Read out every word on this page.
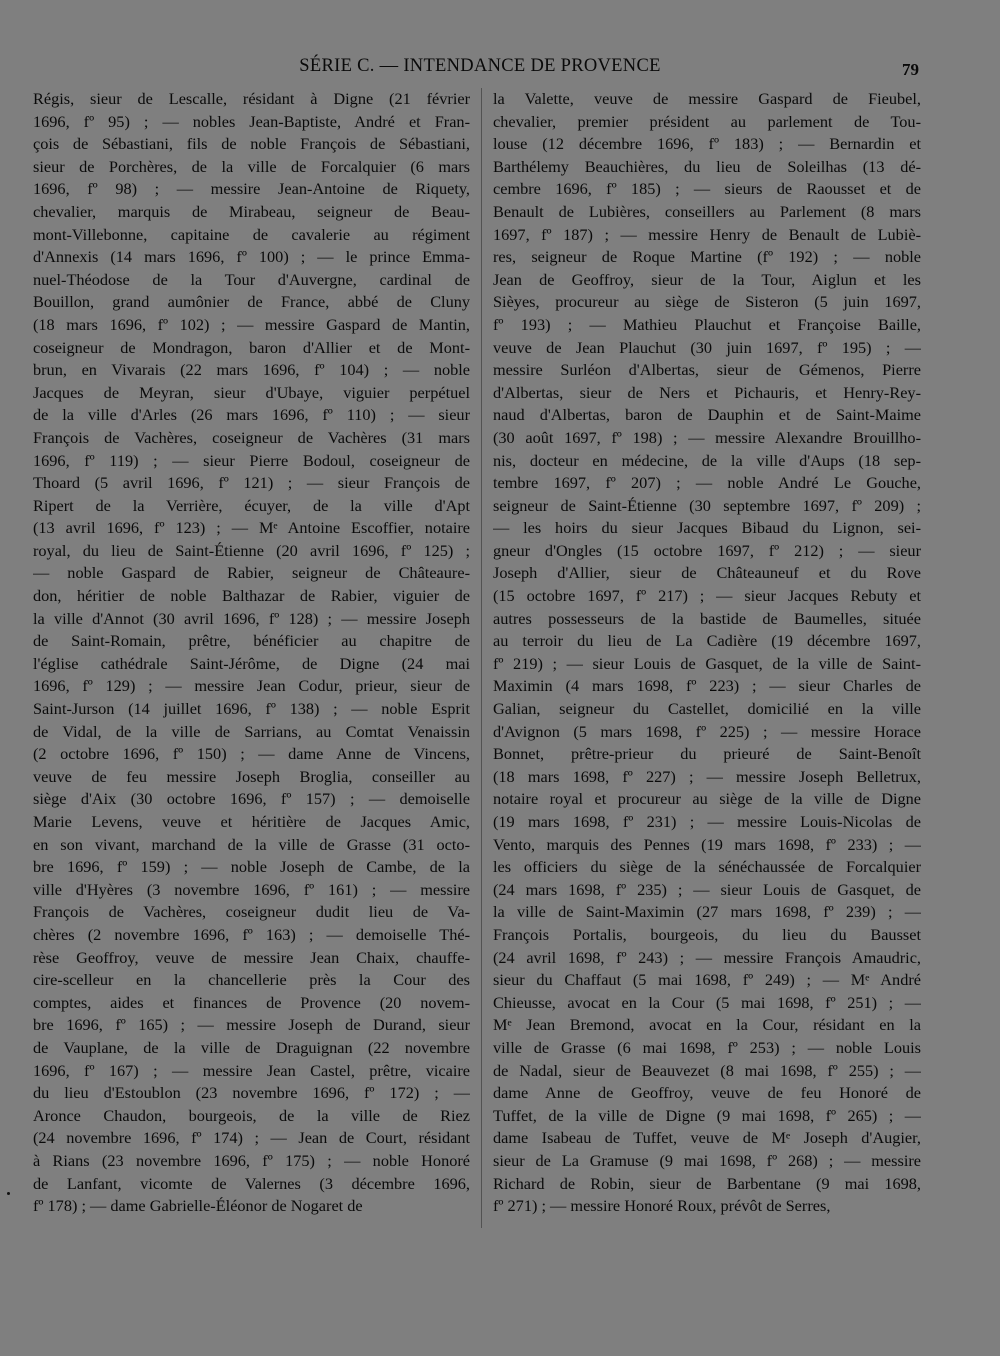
SÉRIE C. — INTENDANCE DE PROVENCE	79
Régis, sieur de Lescalle, résidant à Digne (21 février
1696, fº 95) ; — nobles Jean-Baptiste, André et Fran-
çois de Sébastiani, fils de noble François de Sébastiani,
sieur de Porchères, de la ville de Forcalquier (6 mars
1696, fº 98) ; — messire Jean-Antoine de Riquety,
chevalier, marquis de Mirabeau, seigneur de Beau-
mont-Villebonne, capitaine de cavalerie au régiment
d'Annexis (14 mars 1696, fº 100) ; — le prince Emma-
nuel-Théodose de la Tour d'Auvergne, cardinal de
Bouillon, grand aumônier de France, abbé de Cluny
(18 mars 1696, fº 102) ; — messire Gaspard de Mantin,
coseigneur de Mondragon, baron d'Allier et de Mont-
brun, en Vivarais (22 mars 1696, fº 104) ; — noble
Jacques de Meyran, sieur d'Ubaye, viguier perpétuel
de la ville d'Arles (26 mars 1696, fº 110) ; — sieur
François de Vachères, coseigneur de Vachères (31 mars
1696, fº 119) ; — sieur Pierre Bodoul, coseigneur de
Thoard (5 avril 1696, fº 121) ; — sieur François de
Ripert de la Verrière, écuyer, de la ville d'Apt
(13 avril 1696, fº 123) ; — Mᵉ Antoine Escoffier, notaire
royal, du lieu de Saint-Étienne (20 avril 1696, fº 125) ;
— noble Gaspard de Rabier, seigneur de Châteaure-
don, héritier de noble Balthazar de Rabier, viguier de
la ville d'Annot (30 avril 1696, fº 128) ; — messire Joseph
de Saint-Romain, prêtre, bénéficier au chapitre de
l'église cathédrale Saint-Jérôme, de Digne (24 mai
1696, fº 129) ; — messire Jean Codur, prieur, sieur de
Saint-Jurson (14 juillet 1696, fº 138) ; — noble Esprit
de Vidal, de la ville de Sarrians, au Comtat Venaissin
(2 octobre 1696, fº 150) ; — dame Anne de Vincens,
veuve de feu messire Joseph Broglia, conseiller au
siège d'Aix (30 octobre 1696, fº 157) ; — demoiselle
Marie Levens, veuve et héritière de Jacques Amic,
en son vivant, marchand de la ville de Grasse (31 octo-
bre 1696, fº 159) ; — noble Joseph de Cambe, de la
ville d'Hyères (3 novembre 1696, fº 161) ; — messire
François de Vachères, coseigneur dudit lieu de Va-
chères (2 novembre 1696, fº 163) ; — demoiselle Thé-
rèse Geoffroy, veuve de messire Jean Chaix, chauffe-
cire-scelleur en la chancellerie près la Cour des
comptes, aides et finances de Provence (20 novem-
bre 1696, fº 165) ; — messire Joseph de Durand, sieur
de Vauplane, de la ville de Draguignan (22 novembre
1696, fº 167) ; — messire Jean Castel, prêtre, vicaire
du lieu d'Estoublon (23 novembre 1696, fº 172) ; —
Aronce Chaudon, bourgeois, de la ville de Riez
(24 novembre 1696, fº 174) ; — Jean de Court, résidant
à Rians (23 novembre 1696, fº 175) ; — noble Honoré
de Lanfant, vicomte de Valernes (3 décembre 1696,
fº 178) ; — dame Gabrielle-Éléonor de Nogaret de
la Valette, veuve de messire Gaspard de Fieubel,
chevalier, premier président au parlement de Tou-
louse (12 décembre 1696, fº 183) ; — Bernardin et
Barthélemy Beauchières, du lieu de Soleilhas (13 dé-
cembre 1696, fº 185) ; — sieurs de Raousset et de
Benault de Lubières, conseillers au Parlement (8 mars
1697, fº 187) ; — messire Henry de Benault de Lubiè-
res, seigneur de Roque Martine (fº 192) ; — noble
Jean de Geoffroy, sieur de la Tour, Aiglun et les
Sièyes, procureur au siège de Sisteron (5 juin 1697,
fº 193) ; — Mathieu Plauchut et Françoise Baille,
veuve de Jean Plauchut (30 juin 1697, fº 195) ; —
messire Surléon d'Albertas, sieur de Gémenos, Pierre
d'Albertas, sieur de Ners et Pichauris, et Henry-Rey-
naud d'Albertas, baron de Dauphin et de Saint-Maime
(30 août 1697, fº 198) ; — messire Alexandre Brouillho-
nis, docteur en médecine, de la ville d'Aups (18 sep-
tembre 1697, fº 207) ; — noble André Le Gouche,
seigneur de Saint-Étienne (30 septembre 1697, fº 209) ;
— les hoirs du sieur Jacques Bibaud du Lignon, sei-
gneur d'Ongles (15 octobre 1697, fº 212) ; — sieur
Joseph d'Allier, sieur de Châteauneuf et du Rove
(15 octobre 1697, fº 217) ; — sieur Jacques Rebuty et
autres possesseurs de la bastide de Baumelles, située
au terroir du lieu de La Cadière (19 décembre 1697,
fº 219) ; — sieur Louis de Gasquet, de la ville de Saint-
Maximin (4 mars 1698, fº 223) ; — sieur Charles de
Galian, seigneur du Castellet, domicilié en la ville
d'Avignon (5 mars 1698, fº 225) ; — messire Horace
Bonnet, prêtre-prieur du prieuré de Saint-Benoît
(18 mars 1698, fº 227) ; — messire Joseph Belletrux,
notaire royal et procureur au siège de la ville de Digne
(19 mars 1698, fº 231) ; — messire Louis-Nicolas de
Vento, marquis des Pennes (19 mars 1698, fº 233) ; —
les officiers du siège de la sénéchaussée de Forcalquier
(24 mars 1698, fº 235) ; — sieur Louis de Gasquet, de
la ville de Saint-Maximin (27 mars 1698, fº 239) ; —
François Portalis, bourgeois, du lieu du Bausset
(24 avril 1698, fº 243) ; — messire François Amaudric,
sieur du Chaffaut (5 mai 1698, fº 249) ; — Mᵉ André
Chieusse, avocat en la Cour (5 mai 1698, fº 251) ; —
Mᵉ Jean Bremond, avocat en la Cour, résidant en la
ville de Grasse (6 mai 1698, fº 253) ; — noble Louis
de Nadal, sieur de Beauvezet (8 mai 1698, fº 255) ; —
dame Anne de Geoffroy, veuve de feu Honoré de
Tuffet, de la ville de Digne (9 mai 1698, fº 265) ; —
dame Isabeau de Tuffet, veuve de Mᵉ Joseph d'Augier,
sieur de La Gramuse (9 mai 1698, fº 268) ; — messire
Richard de Robin, sieur de Barbentane (9 mai 1698,
fº 271) ; — messire Honoré Roux, prévôt de Serres,
